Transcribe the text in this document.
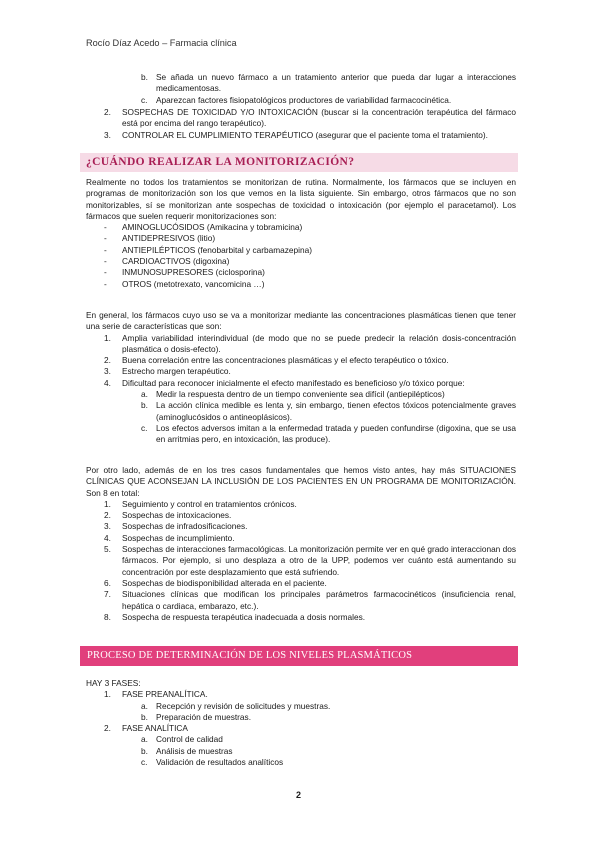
Rocío Díaz Acedo – Farmacia clínica
b. Se añada un nuevo fármaco a un tratamiento anterior que pueda dar lugar a interacciones medicamentosas.
c. Aparezcan factores fisiopatológicos productores de variabilidad farmacocinética.
2. SOSPECHAS DE TOXICIDAD Y/O INTOXICACIÓN (buscar si la concentración terapéutica del fármaco está por encima del rango terapéutico).
3. CONTROLAR EL CUMPLIMIENTO TERAPÉUTICO (asegurar que el paciente toma el tratamiento).
¿CUÁNDO REALIZAR LA MONITORIZACIÓN?

Realmente no todos los tratamientos se monitorizan de rutina. Normalmente, los fármacos que se incluyen en programas de monitorización son los que vemos en la lista siguiente. Sin embargo, otros fármacos que no son monitorizables, sí se monitorizan ante sospechas de toxicidad o intoxicación (por ejemplo el paracetamol). Los fármacos que suelen requerir monitorizaciones son:

- AMINOGLUCÓSIDOS (Amikacina y tobramicina)
- ANTIDEPRESIVOS (litio)
- ANTIEPILÉPTICOS (fenobarbital y carbamazepina)
- CARDIOACTIVOS (digoxina)
- INMUNOSUPRESORES (ciclosporina)
- OTROS (metotrexato, vancomicina …)

En general, los fármacos cuyo uso se va a monitorizar mediante las concentraciones plasmáticas tienen que tener una serie de características que son:

1. Amplia variabilidad interindividual (de modo que no se puede predecir la relación dosis-concentración plasmática o dosis-efecto).
2. Buena correlación entre las concentraciones plasmáticas y el efecto terapéutico o tóxico.
3. Estrecho margen terapéutico.
4. Dificultad para reconocer inicialmente el efecto manifestado es beneficioso y/o tóxico porque:
a. Medir la respuesta dentro de un tiempo conveniente sea difícil (antiepilépticos)
b. La acción clínica medible es lenta y, sin embargo, tienen efectos tóxicos potencialmente graves (aminoglucósidos o antineoplásicos).
c. Los efectos adversos imitan a la enfermedad tratada y pueden confundirse (digoxina, que se usa en arritmias pero, en intoxicación, las produce).

Por otro lado, además de en los tres casos fundamentales que hemos visto antes, hay más SITUACIONES CLÍNICAS QUE ACONSEJAN LA INCLUSIÓN DE LOS PACIENTES EN UN PROGRAMA DE MONITORIZACIÓN. Son 8 en total:

1. Seguimiento y control en tratamientos crónicos.
2. Sospechas de intoxicaciones.
3. Sospechas de infradosificaciones.
4. Sospechas de incumplimiento.
5. Sospechas de interacciones farmacológicas. La monitorización permite ver en qué grado interaccionan dos fármacos. Por ejemplo, si uno desplaza a otro de la UPP, podemos ver cuánto está aumentando su concentración por este desplazamiento que está sufriendo.
6. Sospechas de biodisponibilidad alterada en el paciente.
7. Situaciones clínicas que modifican los principales parámetros farmacocinéticos (insuficiencia renal, hepática o cardiaca, embarazo, etc.).
8. Sospecha de respuesta terapéutica inadecuada a dosis normales.
PROCESO DE DETERMINACIÓN DE LOS NIVELES PLASMÁTICOS

HAY 3 FASES:

1. FASE PREANALÍTICA.
a. Recepción y revisión de solicitudes y muestras.
b. Preparación de muestras.
2. FASE ANALÍTICA
a. Control de calidad
b. Análisis de muestras
c. Validación de resultados analíticos
2
